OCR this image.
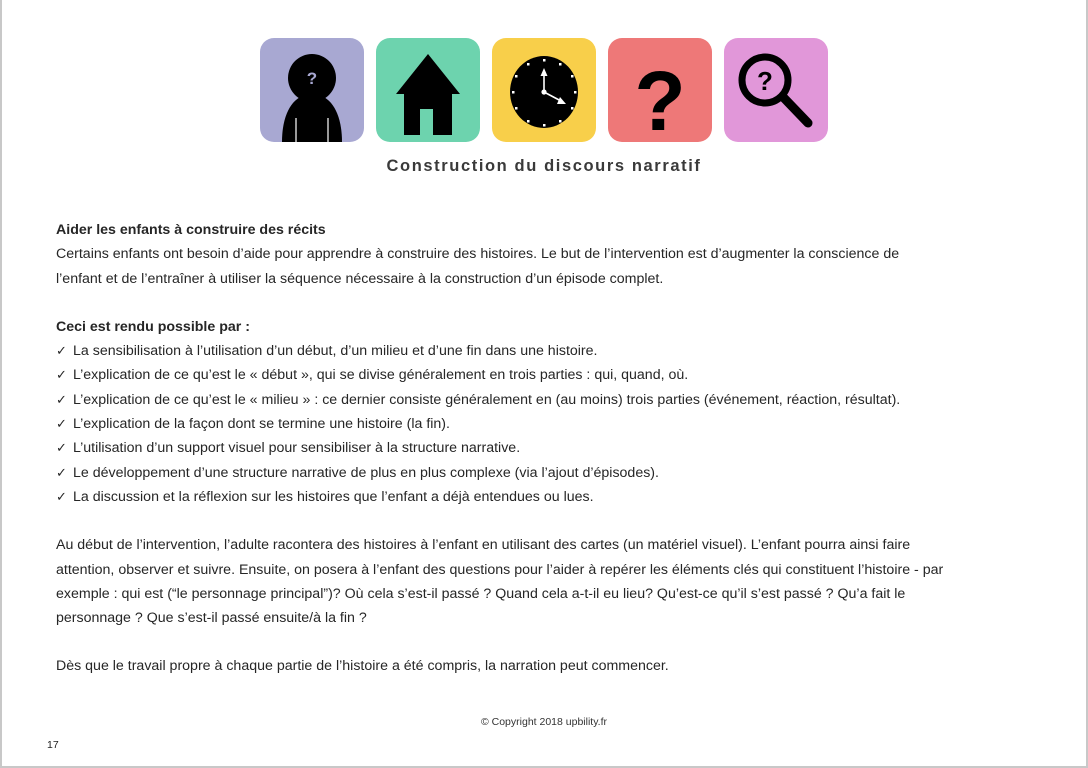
?	?	?
Construction du discours narratif

Aider les enfants à construire des récits

Certains enfants ont besoin d’aide pour apprendre à construire des histoires. Le but de l’intervention est d’augmenter la conscience de

l’enfant et de l’entraîner à utiliser la séquence nécessaire à la construction d’un épisode complet.

Ceci est rendu possible par :

✓ La sensibilisation à l’utilisation d’un début, d’un milieu et d’une fin dans une histoire.
✓ L’explication de ce qu’est le « début », qui se divise généralement en trois parties : qui, quand, où.
✓ L’explication de ce qu’est le « milieu » : ce dernier consiste généralement en (au moins) trois parties (événement, réaction, résultat).
✓ L’explication de la façon dont se termine une histoire (la fin).
✓ L’utilisation d’un support visuel pour sensibiliser à la structure narrative.
✓ Le développement d’une structure narrative de plus en plus complexe (via l’ajout d’épisodes).
✓ La discussion et la réflexion sur les histoires que l’enfant a déjà entendues ou lues.

Au début de l’intervention, l’adulte racontera des histoires à l’enfant en utilisant des cartes (un matériel visuel). L’enfant pourra ainsi faire

attention, observer et suivre. Ensuite, on posera à l’enfant des questions pour l’aider à repérer les éléments clés qui constituent l’histoire - par

exemple : qui est (“le personnage principal”)? Où cela s’est-il passé ? Quand cela a-t-il eu lieu? Qu’est-ce qu’il s’est passé ? Qu’a fait le

personnage ? Que s’est-il passé ensuite/à la fin ?

Dès que le travail propre à chaque partie de l’histoire a été compris, la narration peut commencer.

© Copyright 2018 upbility.fr
17
